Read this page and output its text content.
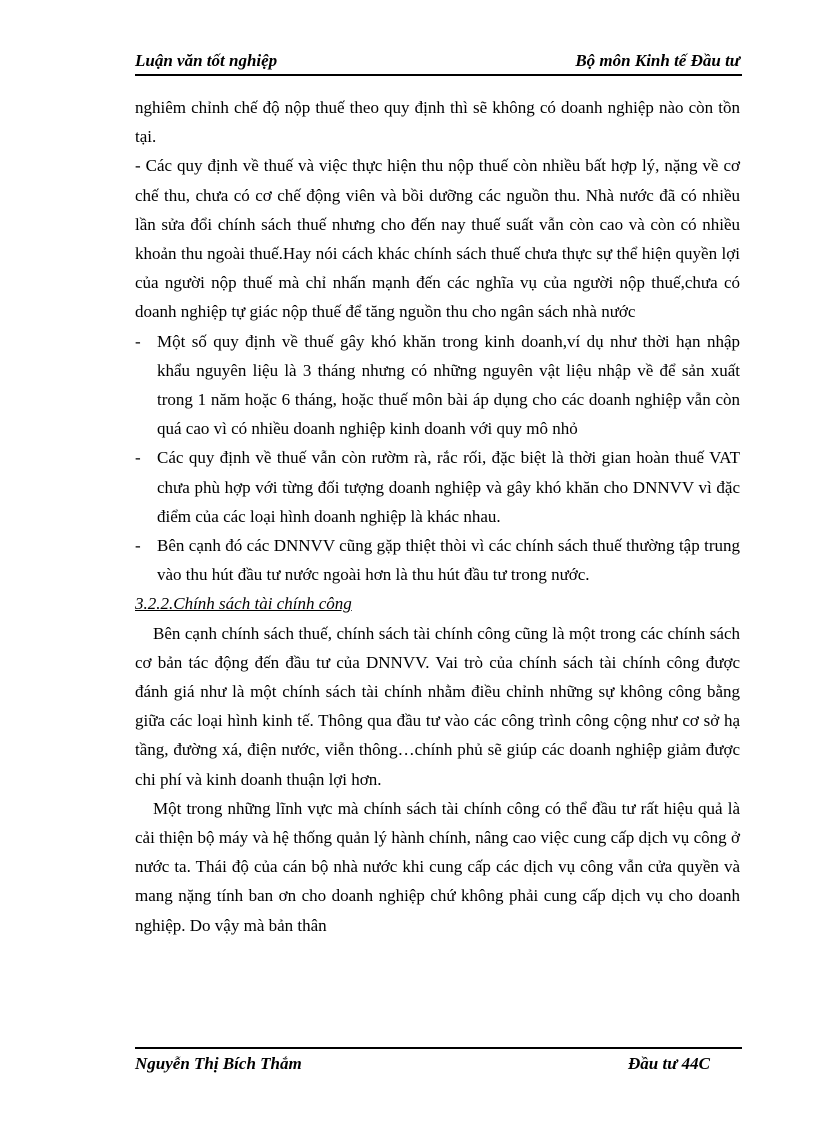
Luận văn tốt nghiệp	Bộ môn Kinh tế Đầu tư

nghiêm chỉnh chế độ nộp thuế theo quy định thì sẽ không có doanh nghiệp nào còn tồn tại.

- Các quy định về thuế và việc thực hiện thu nộp thuế còn nhiều bất hợp lý, nặng về cơ chế thu, chưa có cơ chế động viên và bồi dưỡng các nguồn thu. Nhà nước đã có nhiều lần sửa đổi chính sách thuế nhưng cho đến nay thuế suất vẫn còn cao và còn có nhiều khoản thu ngoài thuế.Hay nói cách khác chính sách thuế chưa thực sự thể hiện quyền lợi của người nộp thuế mà chỉ nhấn mạnh đến các nghĩa vụ của người nộp thuế,chưa có doanh nghiệp tự giác nộp thuế để tăng nguồn thu cho ngân sách nhà nước

- Một số quy định về thuế gây khó khăn trong kinh doanh,ví dụ như thời hạn nhập khẩu nguyên liệu là 3 tháng nhưng có những nguyên vật liệu nhập về để sản xuất trong 1 năm hoặc 6 tháng, hoặc thuế môn bài áp dụng cho các doanh nghiệp vẫn còn quá cao vì có nhiều doanh nghiệp kinh doanh với quy mô nhỏ
- Các quy định về thuế vẫn còn rườm rà, rắc rối, đặc biệt là thời gian hoàn thuế VAT chưa phù hợp với từng đối tượng doanh nghiệp và gây khó khăn cho DNNVV vì đặc điểm của các loại hình doanh nghiệp là khác nhau.
- Bên cạnh đó các DNNVV cũng gặp thiệt thòi vì các chính sách thuế thường tập trung vào thu hút đầu tư nước ngoài hơn là thu hút đầu tư trong nước.
3.2.2.Chính sách tài chính công

Bên cạnh chính sách thuế, chính sách tài chính công cũng là một trong các chính sách cơ bản tác động đến đầu tư của DNNVV. Vai trò của chính sách tài chính công được đánh giá như là một chính sách tài chính nhằm điều chỉnh những sự không công bằng giữa các loại hình kinh tế. Thông qua đầu tư vào các công trình công cộng như cơ sở hạ tầng, đường xá, điện nước, viễn thông…chính phủ sẽ giúp các doanh nghiệp giảm được chi phí và kinh doanh thuận lợi hơn.

Một trong những lĩnh vực mà chính sách tài chính công có thể đầu tư rất hiệu quả là cải thiện bộ máy và hệ thống quản lý hành chính, nâng cao việc cung cấp dịch vụ công ở nước ta. Thái độ của cán bộ nhà nước khi cung cấp các dịch vụ công vẫn cửa quyền và mang nặng tính ban ơn cho doanh nghiệp chứ không phải cung cấp dịch vụ cho doanh nghiệp. Do vậy mà bản thân

Nguyễn Thị Bích Thắm	Đầu tư 44C
